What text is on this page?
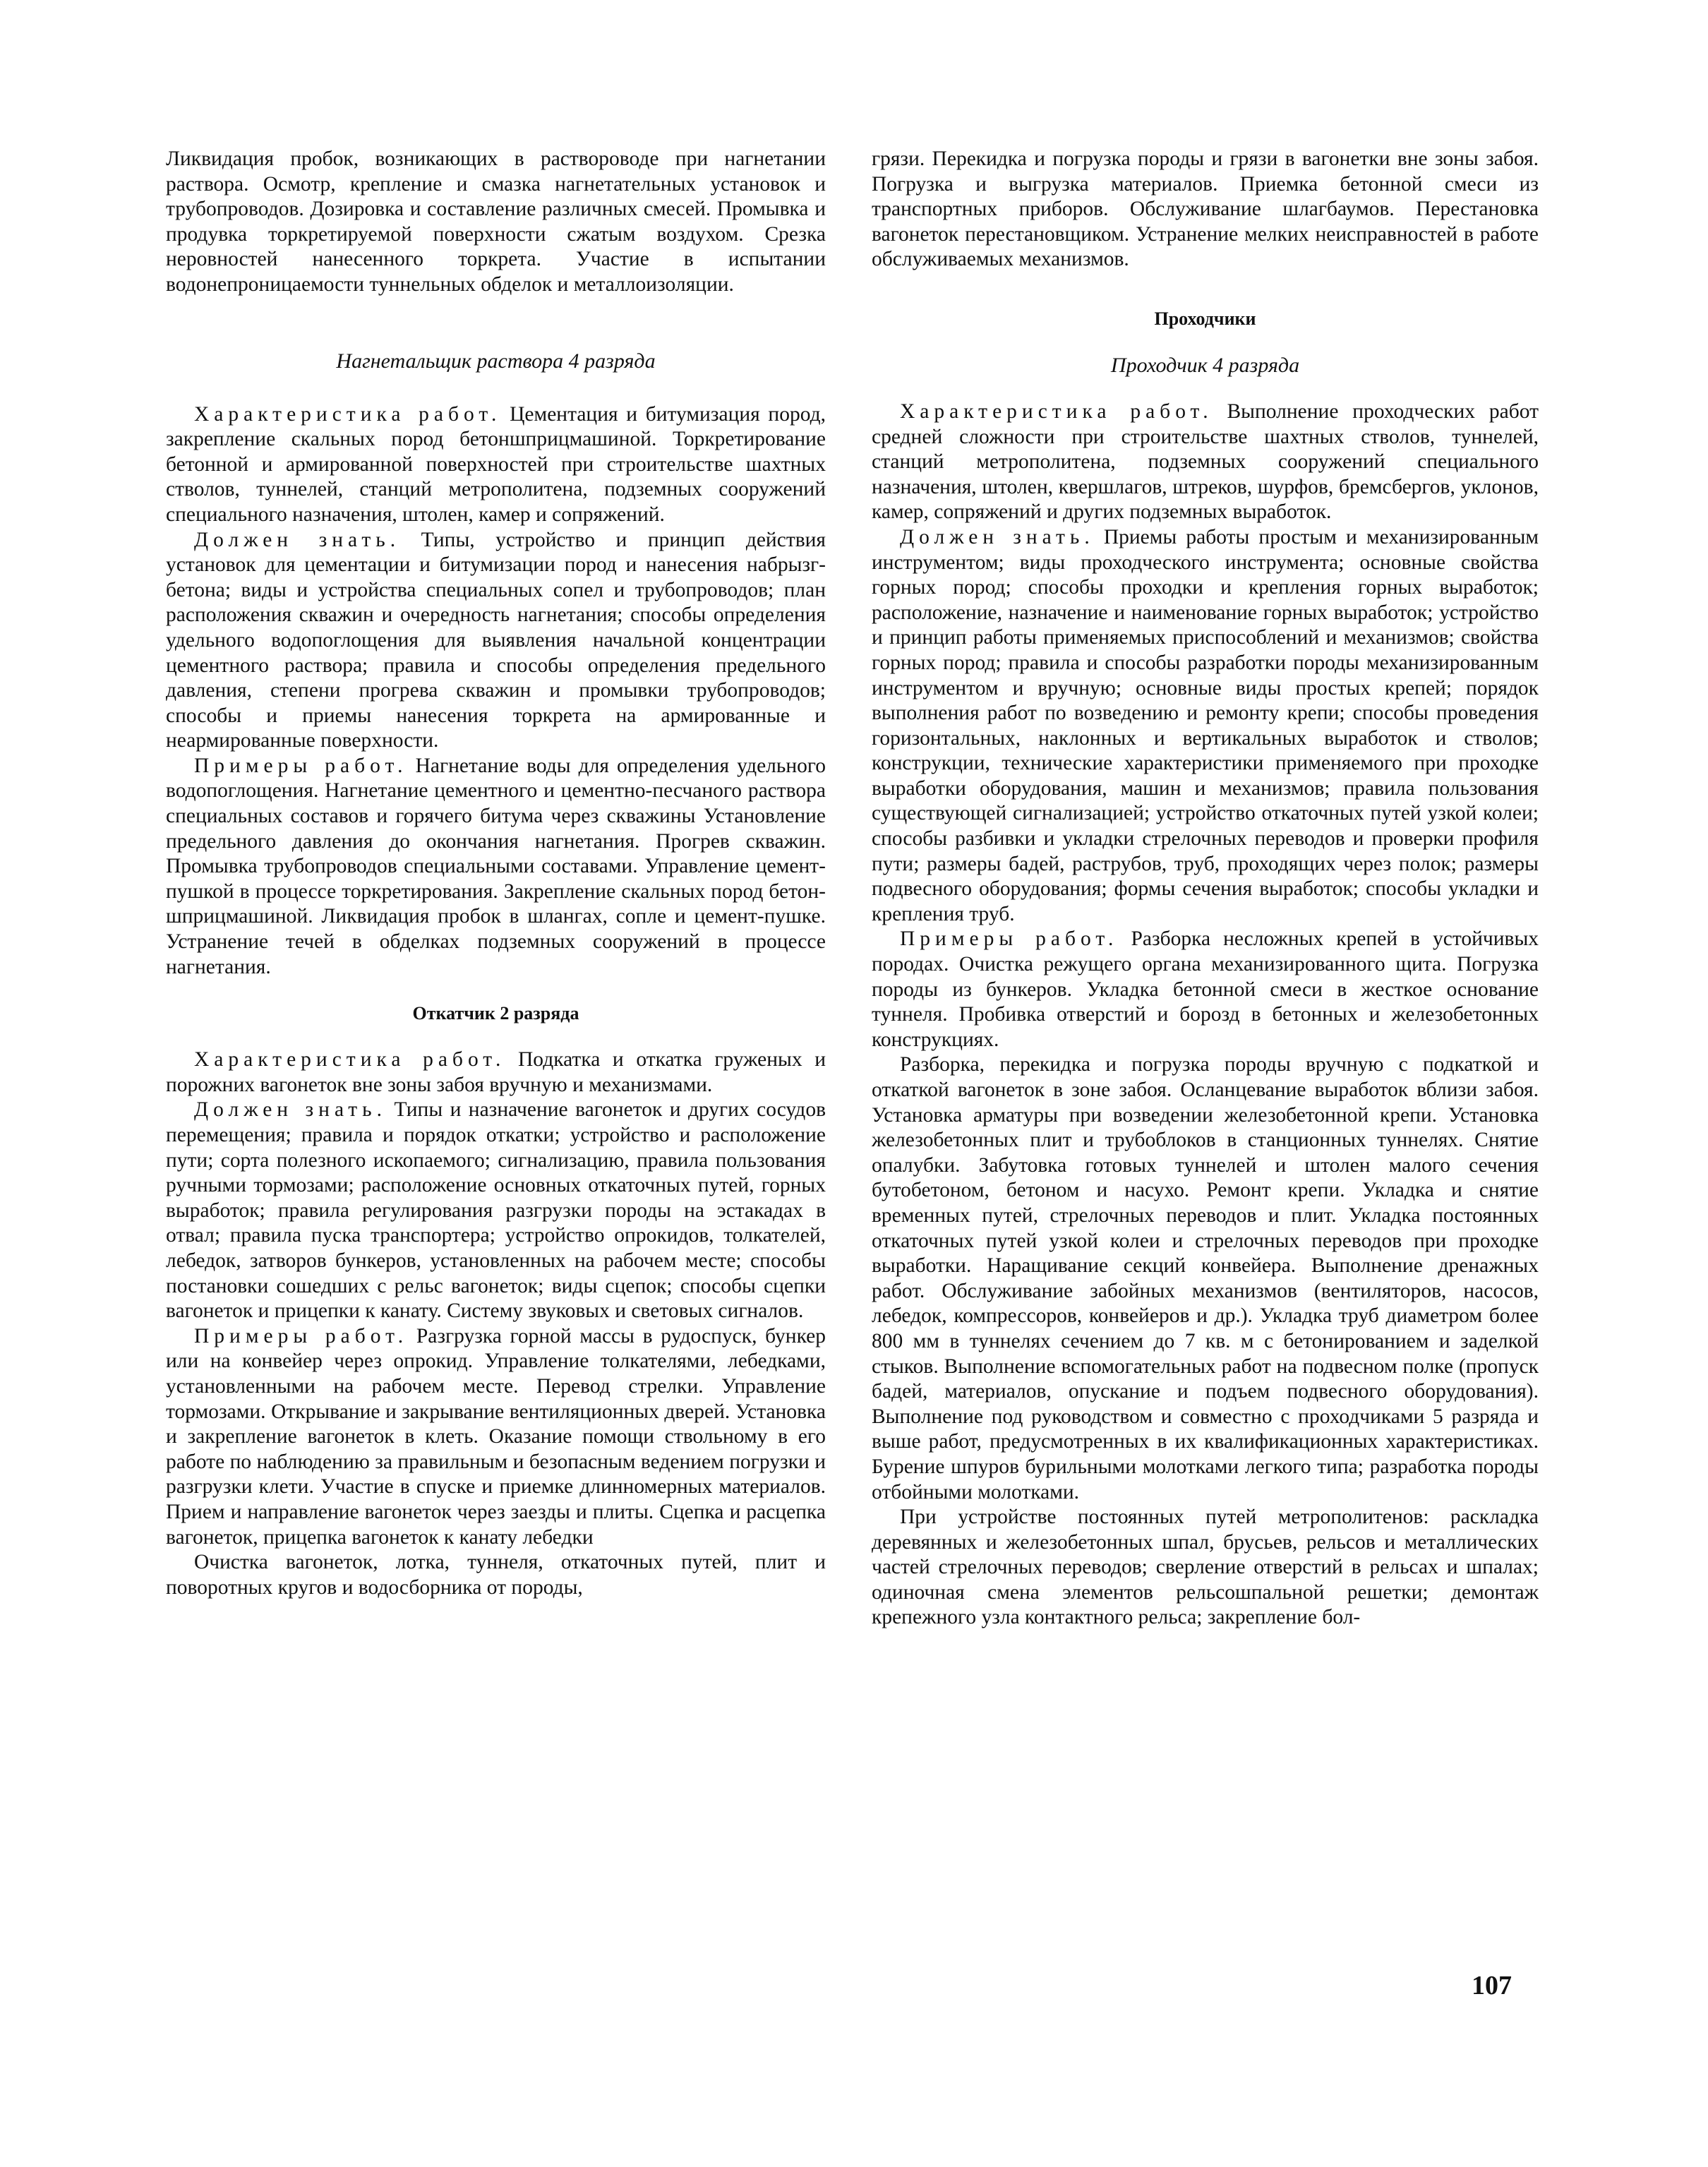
Ликвидация пробок, возникающих в раствороводе при нагнетании раствора. Осмотр, крепление и смазка нагнетательных установок и трубопроводов. Дозировка и составление различных смесей. Промывка и продувка торкретируемой поверхности сжатым воздухом. Срезка неровностей нанесенного торкрета. Участие в испытании водонепроницаемости туннельных обделок и металлоизоляции.

Нагнетальщик раствора 4 разряда

Характеристика работ. Цементация и битумизация пород, закрепление скальных пород бетоншприцмашиной. Торкретирование бетонной и армированной поверхностей при строительстве шахтных стволов, туннелей, станций метрополитена, подземных сооружений специального назначения, штолен, камер и сопряжений.

Должен знать. Типы, устройство и принцип действия установок для цементации и битумизации пород и нанесения набрызг-бетона; виды и устройства специальных сопел и трубопроводов; план расположения скважин и очередность нагнетания; способы определения удельного водопоглощения для выявления начальной концентрации цементного раствора; правила и способы определения предельного давления, степени прогрева скважин и промывки трубопроводов; способы и приемы нанесения торкрета на армированные и неармированные поверхности.

Примеры работ. Нагнетание воды для определения удельного водопоглощения. Нагнетание цементного и цементно-песчаного раствора специальных составов и горячего битума через скважины Установление предельного давления до окончания нагнетания. Прогрев скважин. Промывка трубопроводов специальными составами. Управление цемент-пушкой в процессе торкретирования. Закрепление скальных пород бетон-шприцмашиной. Ликвидация пробок в шлангах, сопле и цемент-пушке. Устранение течей в обделках подземных сооружений в процессе нагнетания.

Откатчик 2 разряда

Характеристика работ. Подкатка и откатка груженых и порожних вагонеток вне зоны забоя вручную и механизмами.

Должен знать. Типы и назначение вагонеток и других сосудов перемещения; правила и порядок откатки; устройство и расположение пути; сорта полезного ископаемого; сигнализацию, правила пользования ручными тормозами; расположение основных откаточных путей, горных выработок; правила регулирования разгрузки породы на эстакадах в отвал; правила пуска транспортера; устройство опрокидов, толкателей, лебедок, затворов бункеров, установленных на рабочем месте; способы постановки сошедших с рельс вагонеток; виды сцепок; способы сцепки вагонеток и прицепки к канату. Систему звуковых и световых сигналов.

Примеры работ. Разгрузка горной массы в рудоспуск, бункер или на конвейер через опрокид. Управление толкателями, лебедками, установленными на рабочем месте. Перевод стрелки. Управление тормозами. Открывание и закрывание вентиляционных дверей. Установка и закрепление вагонеток в клеть. Оказание помощи ствольному в его работе по наблюдению за правильным и безопасным ведением погрузки и разгрузки клети. Участие в спуске и приемке длинномерных материалов. Прием и направление вагонеток через заезды и плиты. Сцепка и расцепка вагонеток, прицепка вагонеток к канату лебедки

Очистка вагонеток, лотка, туннеля, откаточных путей, плит и поворотных кругов и водосборника от породы,

грязи. Перекидка и погрузка породы и грязи в вагонетки вне зоны забоя. Погрузка и выгрузка материалов. Приемка бетонной смеси из транспортных приборов. Обслуживание шлагбаумов. Перестановка вагонеток перестановщиком. Устранение мелких неисправностей в работе обслуживаемых механизмов.

Проходчики
Проходчик 4 разряда

Характеристика работ. Выполнение проходческих работ средней сложности при строительстве шахтных стволов, туннелей, станций метрополитена, подземных сооружений специального назначения, штолен, квершлагов, штреков, шурфов, бремсбергов, уклонов, камер, сопряжений и других подземных выработок.

Должен знать. Приемы работы простым и механизированным инструментом; виды проходческого инструмента; основные свойства горных пород; способы проходки и крепления горных выработок; расположение, назначение и наименование горных выработок; устройство и принцип работы применяемых приспособлений и механизмов; свойства горных пород; правила и способы разработки породы механизированным инструментом и вручную; основные виды простых крепей; порядок выполнения работ по возведению и ремонту крепи; способы проведения горизонтальных, наклонных и вертикальных выработок и стволов; конструкции, технические характеристики применяемого при проходке выработки оборудования, машин и механизмов; правила пользования существующей сигнализацией; устройство откаточных путей узкой колеи; способы разбивки и укладки стрелочных переводов и проверки профиля пути; размеры бадей, раструбов, труб, проходящих через полок; размеры подвесного оборудования; формы сечения выработок; способы укладки и крепления труб.

Примеры работ. Разборка несложных крепей в устойчивых породах. Очистка режущего органа механизированного щита. Погрузка породы из бункеров. Укладка бетонной смеси в жесткое основание туннеля. Пробивка отверстий и борозд в бетонных и железобетонных конструкциях.

Разборка, перекидка и погрузка породы вручную с подкаткой и откаткой вагонеток в зоне забоя. Осланцевание выработок вблизи забоя. Установка арматуры при возведении железобетонной крепи. Установка железобетонных плит и трубоблоков в станционных туннелях. Снятие опалубки. Забутовка готовых туннелей и штолен малого сечения бутобетоном, бетоном и насухо. Ремонт крепи. Укладка и снятие временных путей, стрелочных переводов и плит. Укладка постоянных откаточных путей узкой колеи и стрелочных переводов при проходке выработки. Наращивание секций конвейера. Выполнение дренажных работ. Обслуживание забойных механизмов (вентиляторов, насосов, лебедок, компрессоров, конвейеров и др.). Укладка труб диаметром более 800 мм в туннелях сечением до 7 кв. м с бетонированием и заделкой стыков. Выполнение вспомогательных работ на подвесном полке (пропуск бадей, материалов, опускание и подъем подвесного оборудования). Выполнение под руководством и совместно с проходчиками 5 разряда и выше работ, предусмотренных в их квалификационных характеристиках. Бурение шпуров бурильными молотками легкого типа; разработка породы отбойными молотками.

При устройстве постоянных путей метрополитенов: раскладка деревянных и железобетонных шпал, брусьев, рельсов и металлических частей стрелочных переводов; сверление отверстий в рельсах и шпалах; одиночная смена элементов рельсошпальной решетки; демонтаж крепежного узла контактного рельса; закрепление бол-

107
